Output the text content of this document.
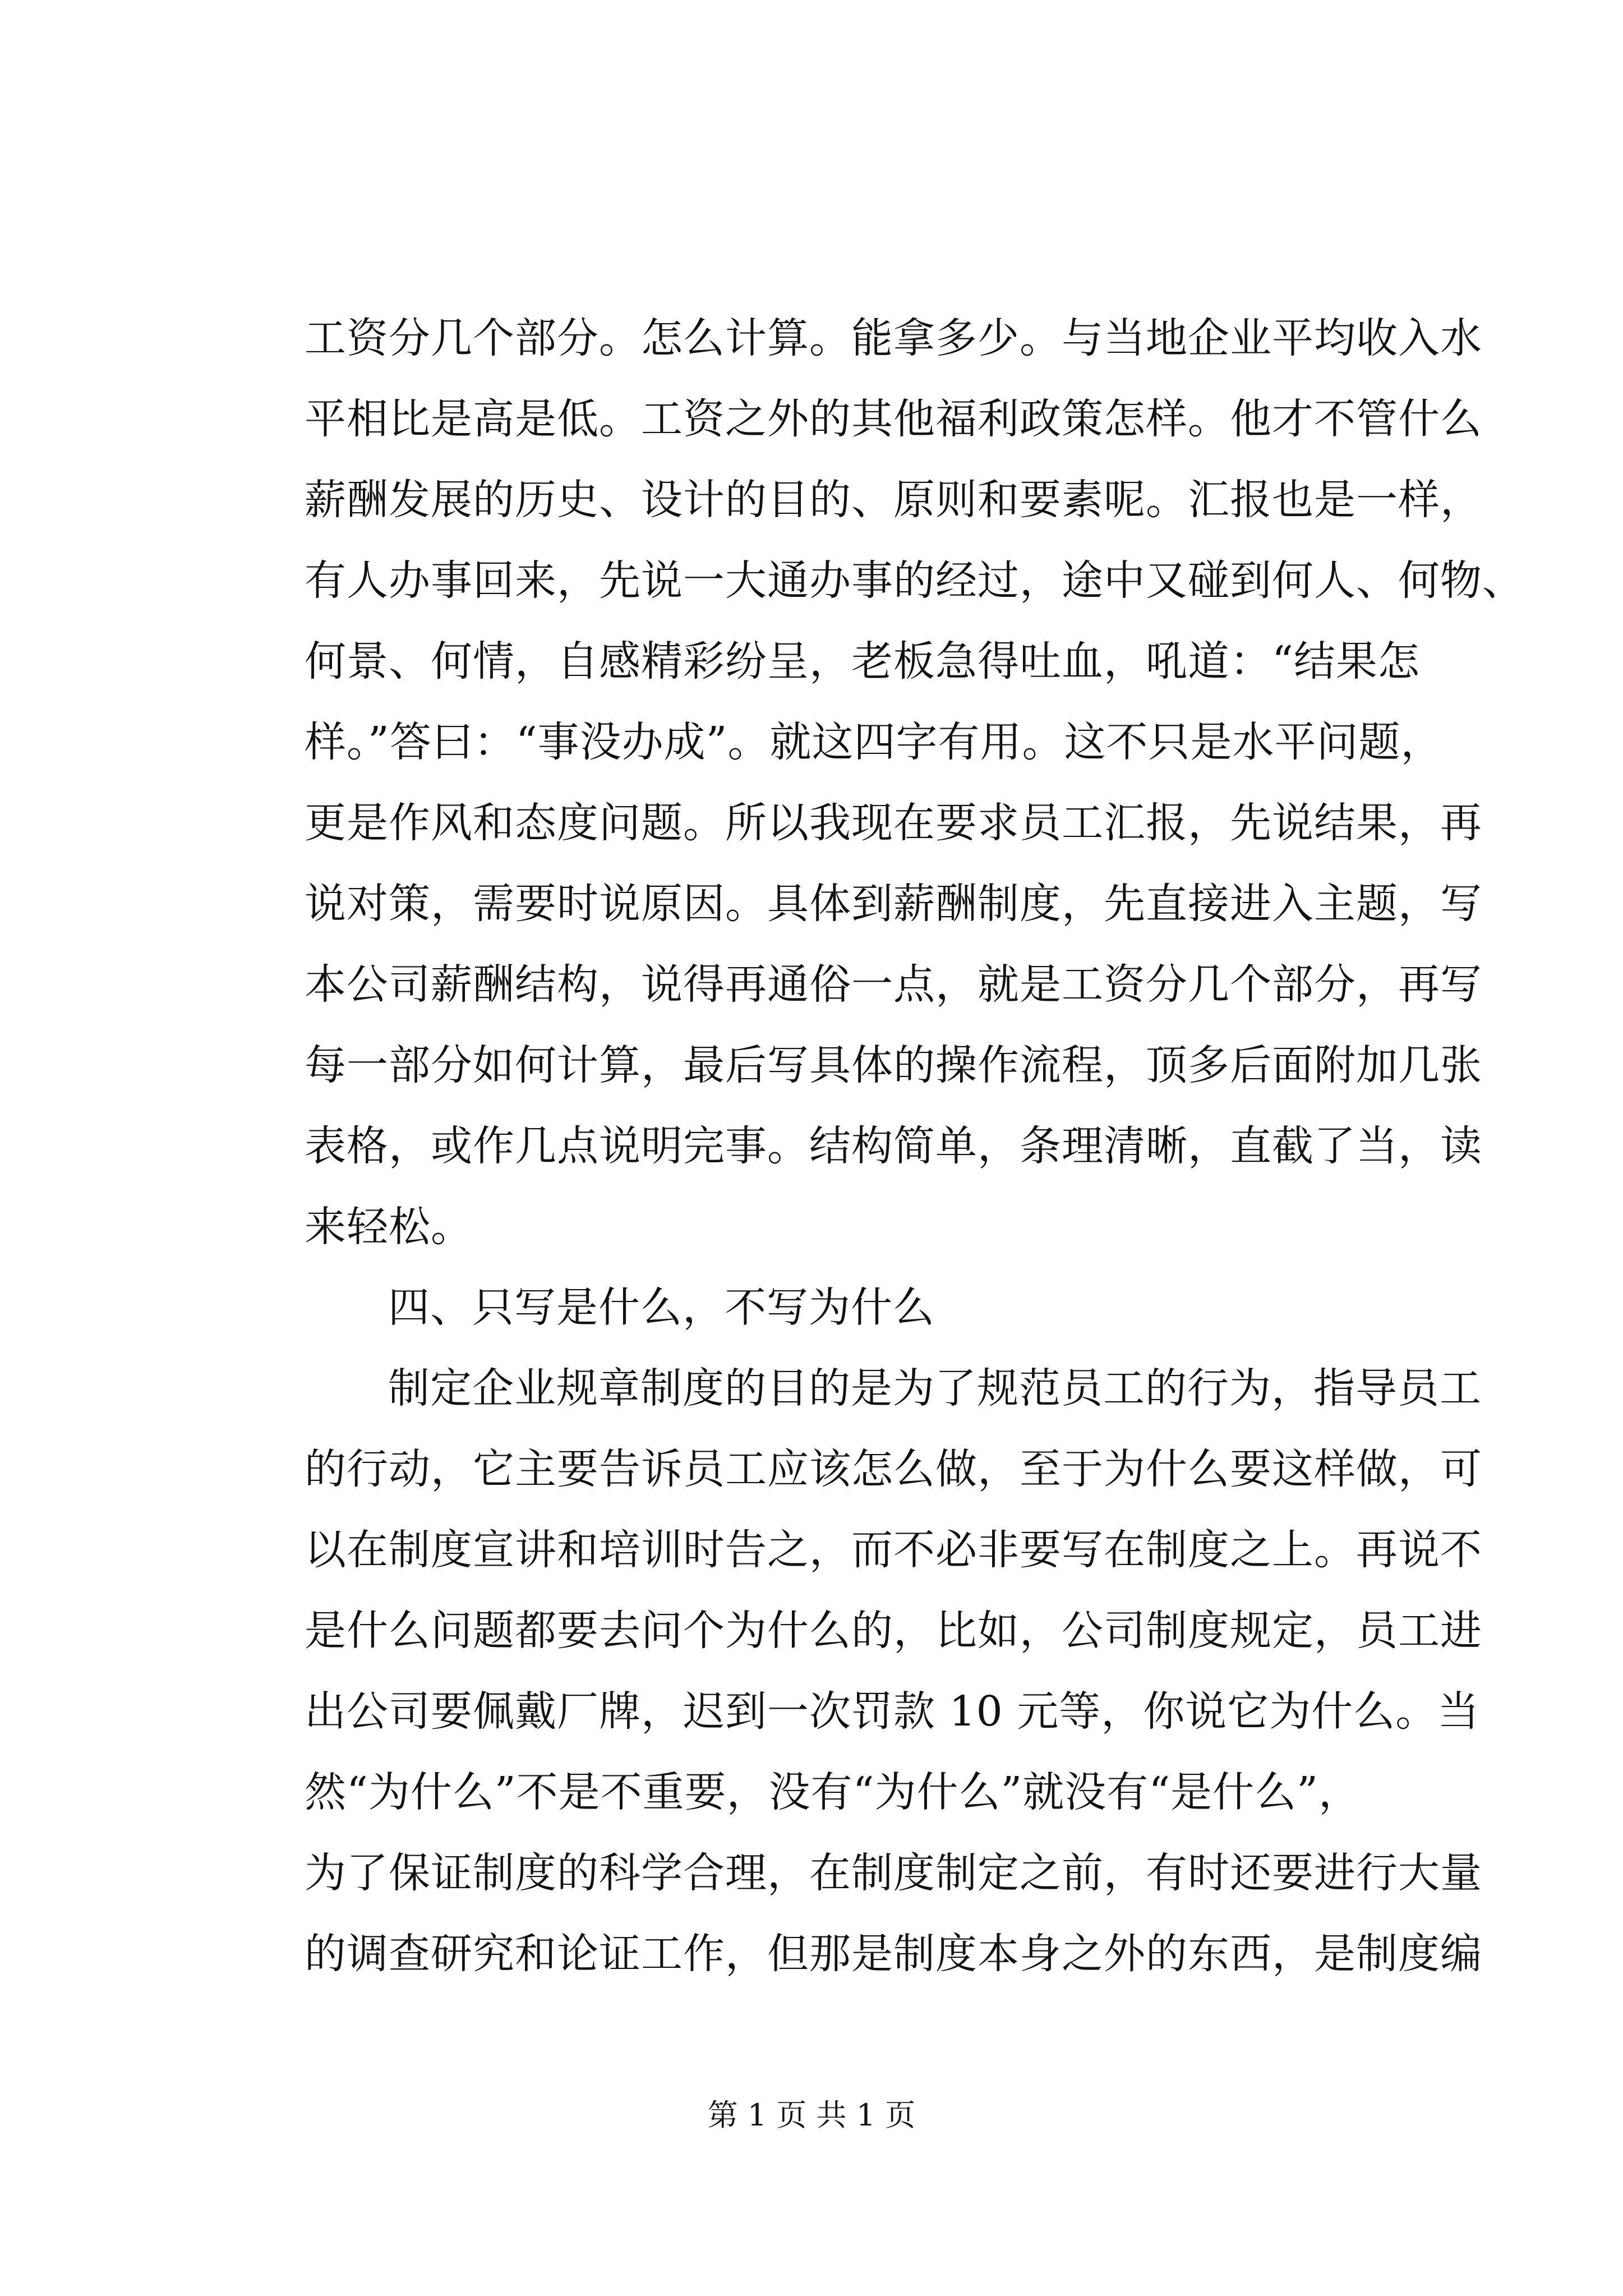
工资分几个部分。怎么计算。能拿多少。与当地企业平均收入水
平相比是高是低。工资之外的其他福利政策怎样。他才不管什么
薪酬发展的历史、设计的目的、原则和要素呢。汇报也是一样，
有人办事回来，先说一大通办事的经过，途中又碰到何人、何物、
何景、何情，自感精彩纷呈，老板急得吐血，吼道：“结果怎
样。”答曰：“事没办成”。就这四字有用。这不只是水平问题，
更是作风和态度问题。所以我现在要求员工汇报，先说结果，再
说对策，需要时说原因。具体到薪酬制度，先直接进入主题，写
本公司薪酬结构，说得再通俗一点，就是工资分几个部分，再写
每一部分如何计算，最后写具体的操作流程，顶多后面附加几张
表格，或作几点说明完事。结构简单，条理清晰，直截了当，读
来轻松。
四、只写是什么，不写为什么
制定企业规章制度的目的是为了规范员工的行为，指导员工
的行动，它主要告诉员工应该怎么做，至于为什么要这样做，可
以在制度宣讲和培训时告之，而不必非要写在制度之上。再说不
是什么问题都要去问个为什么的，比如，公司制度规定，员工进
出公司要佩戴厂牌，迟到一次罚款 10 元等，你说它为什么。当
然“为什么”不是不重要，没有“为什么”就没有“是什么”，
为了保证制度的科学合理，在制度制定之前，有时还要进行大量
的调查研究和论证工作，但那是制度本身之外的东西，是制度编
第 1 页 共 1 页
